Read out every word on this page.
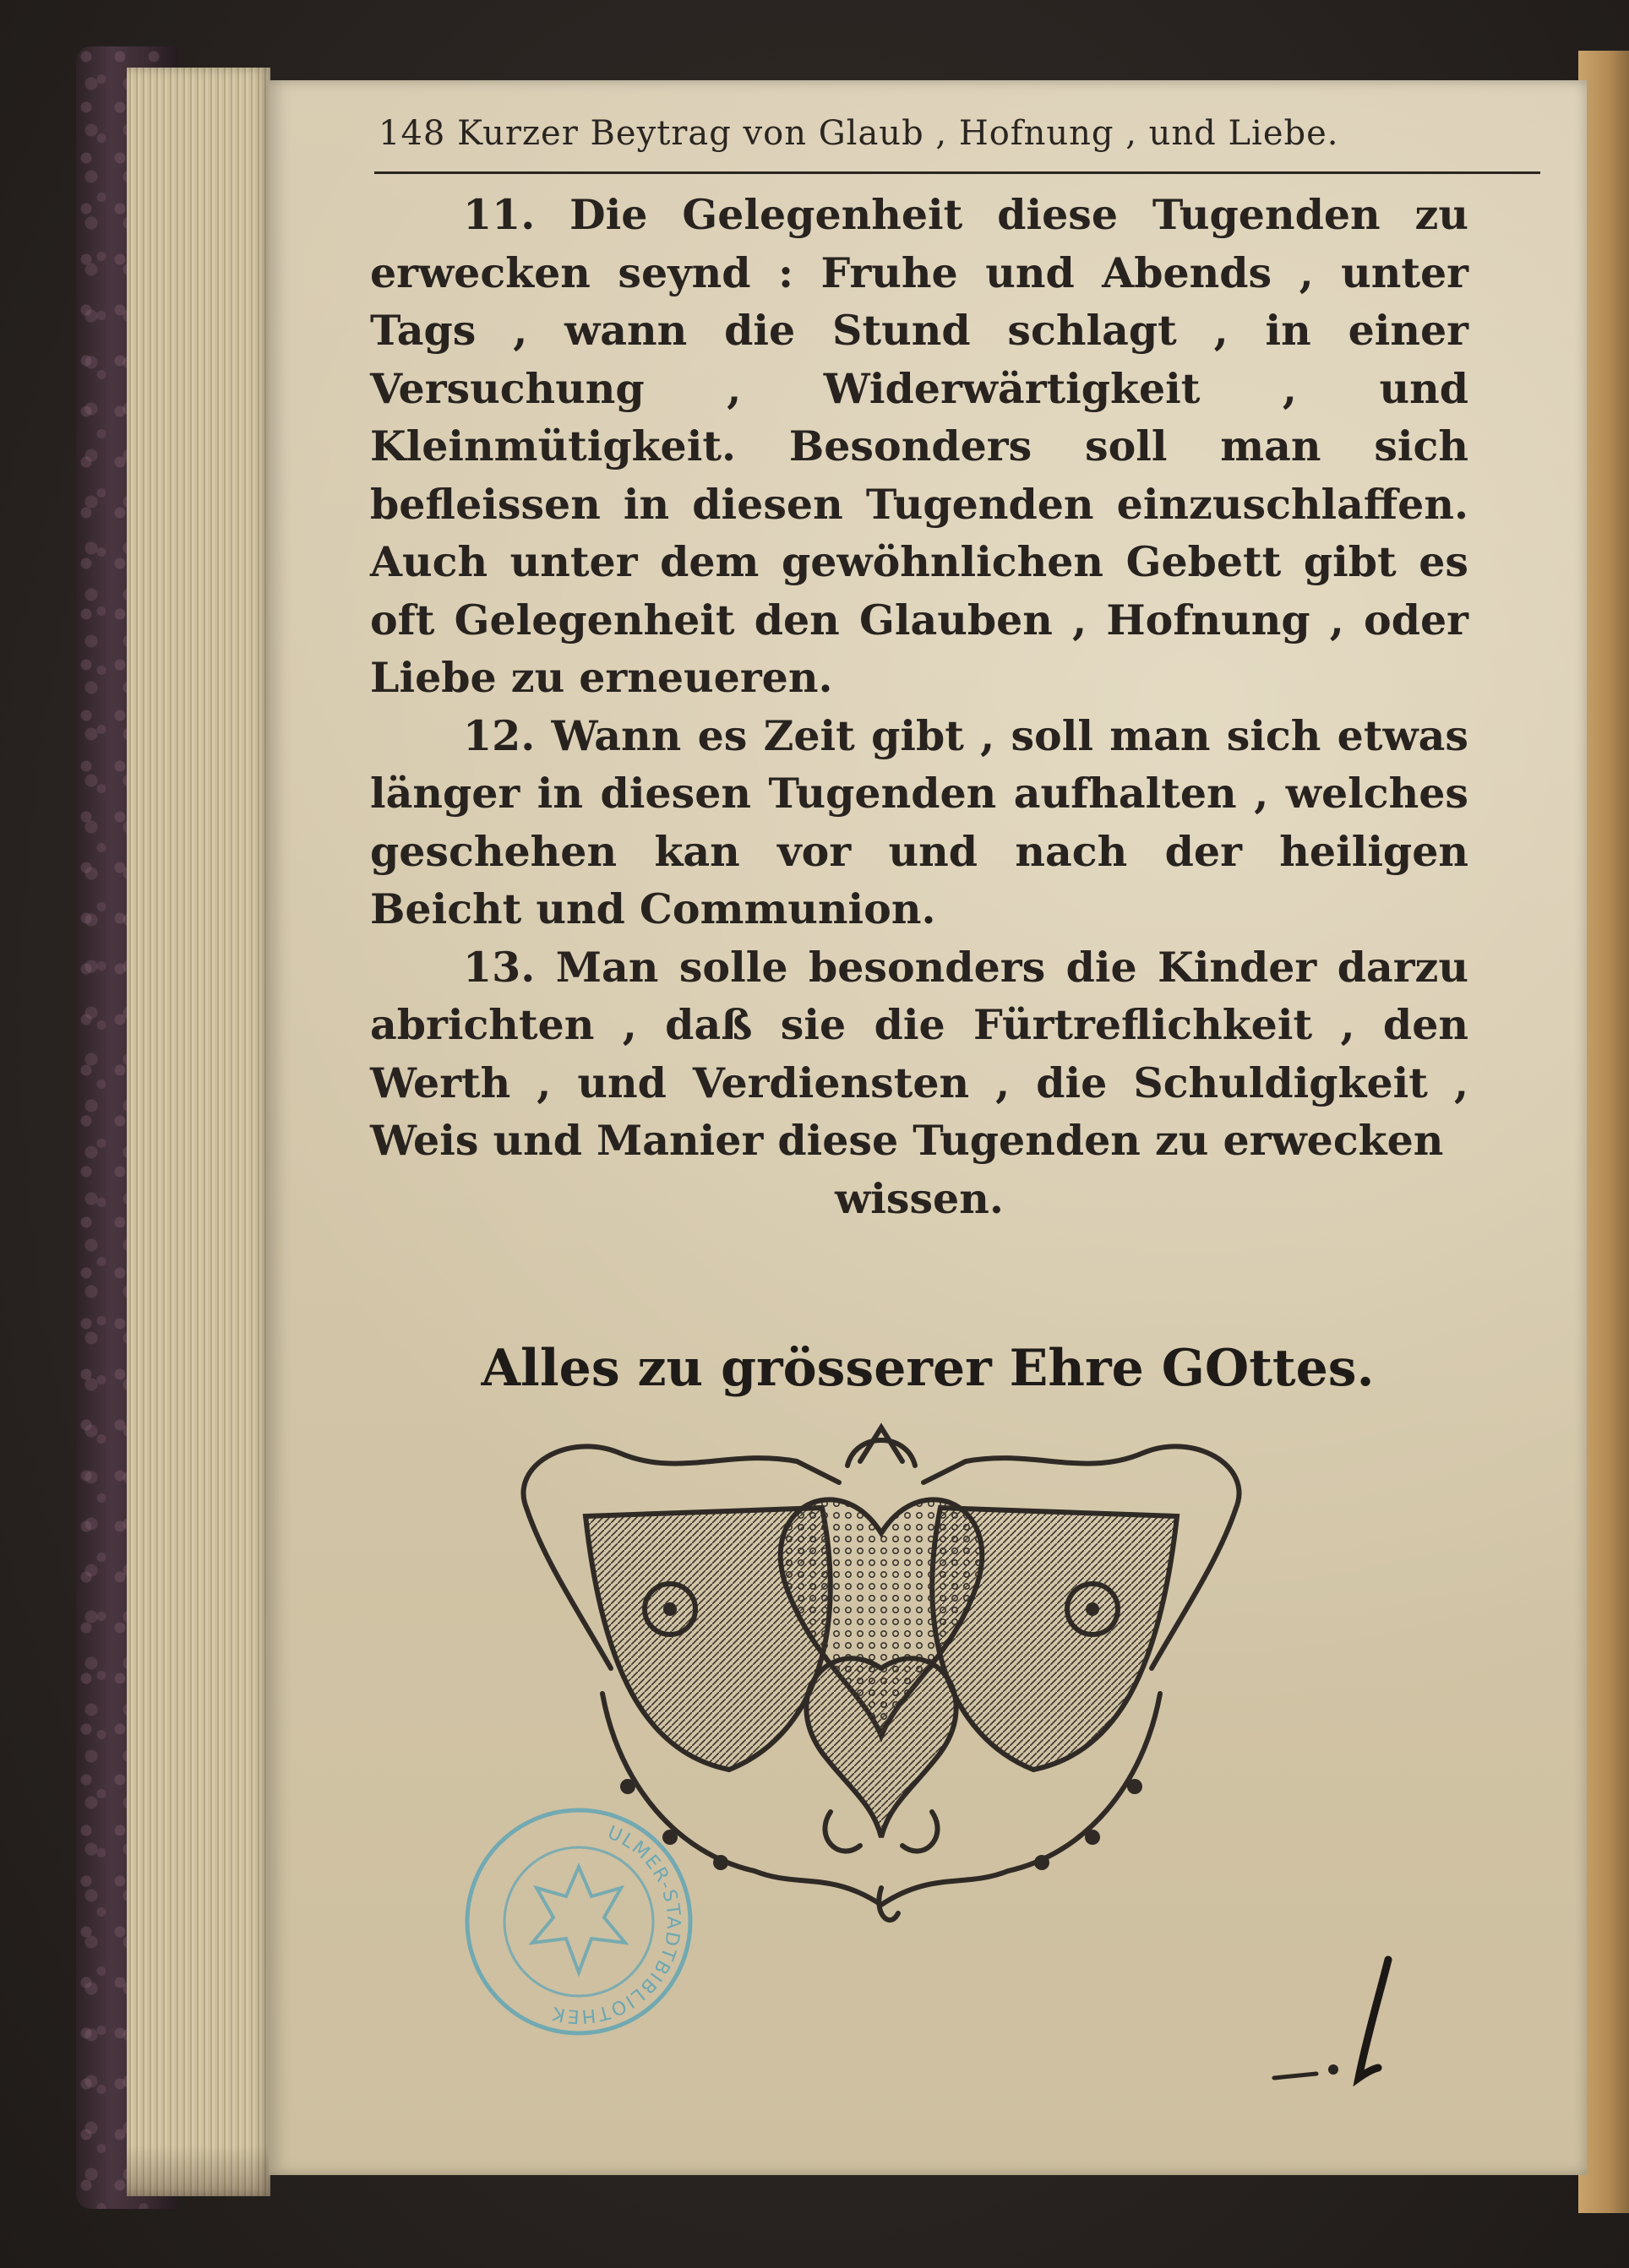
148 Kurzer Beytrag von Glaub , Hofnung , und Liebe.

11. Die Gelegenheit diese Tugenden zu erwecken seynd : Fruhe und Abends , unter Tags , wann die Stund schlagt , in einer Versuchung , Widerwärtigkeit , und Kleinmütigkeit. Besonders soll man sich befleissen in diesen Tugenden einzuschlaffen. Auch unter dem gewöhnlichen Gebett gibt es oft Gelegenheit den Glauben , Hofnung , oder Liebe zu erneueren.

12. Wann es Zeit gibt , soll man sich etwas länger in diesen Tugenden aufhalten , welches geschehen kan vor und nach der heiligen Beicht und Communion.

13. Man solle besonders die Kinder darzu abrichten , daß sie die Fürtreflichkeit , den Werth , und Verdiensten , die Schuldigkeit , Weis und Manier diese Tugenden zu erwecken

wissen.

Alles zu grösserer Ehre GOttes.
ULMER-STADTBIBLIOTHEK
